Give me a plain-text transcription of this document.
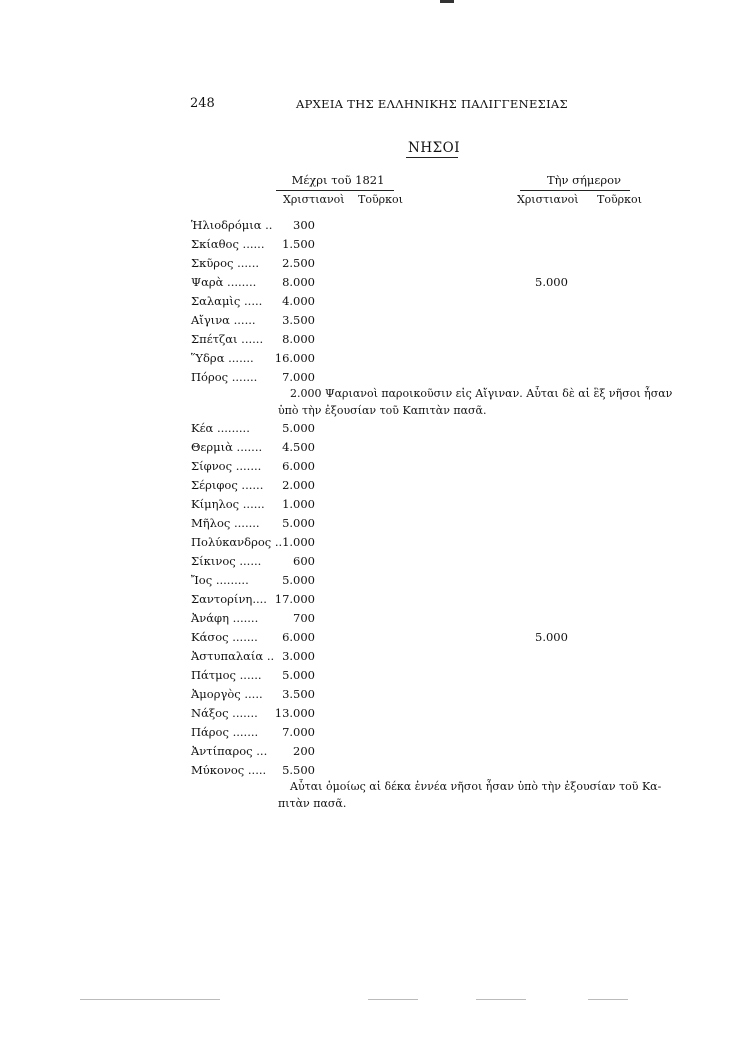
248	ΑΡΧΕΙΑ ΤΗΣ ΕΛΛΗΝΙΚΗΣ ΠΑΛΙΓΓΕΝΕΣΙΑΣ
ΝΗΣΟΙ
Μέχρι τοῦ 1821	Τὴν σήμερον
Χριστιανοὶ Τοῦρκοι	Χριστιανοὶ Τοῦρκοι
Ἡλιοδρόμια .. 300
Σκίαθος ...... 1.500
Σκῦρος ...... 2.500
Ψαρὰ ........ 8.000	5.000
Σαλαμὶς ..... 4.000
Αἴγινα ...... 3.500
Σπέτζαι ...... 8.000
Ὕδρα ....... 16.000
Πόρος ....... 7.000
2.000 Ψαριανοὶ παροικοῦσιν εἰς Αἴγιναν. Αὗται δὲ αἱ ἓξ νῆσοι ἦσαν
ὑπὸ τὴν ἐξουσίαν τοῦ Καπιτὰν πασᾶ.
Κέα .........	5.000
Θερμιὰ ....... 4.500
Σίφνος ....... 6.000
Σέριφος ...... 2.000
Κίμηλος ...... 1.000
Μῆλος ....... 5.000
Πολύκανδρος .. 1.000
Σίκινος ......	600
Ἴος .........	5.000
Σαντορίνη.... 17.000
Ἀνάφη .......	700
Κάσος ....... 6.000	5.000
Ἀστυπαλαία .. 3.000
Πάτμος ...... 5.000
Ἀμοργὸς ..... 3.500
Νάξος ....... 13.000
Πάρος ....... 7.000
Ἀντίπαρος ... 200
Μύκονος ..... 5.500
Αὗται ὁμοίως αἱ δέκα ἐννέα νῆσοι ἦσαν ὑπὸ τὴν ἐξουσίαν τοῦ Κα-
πιτὰν πασᾶ.
